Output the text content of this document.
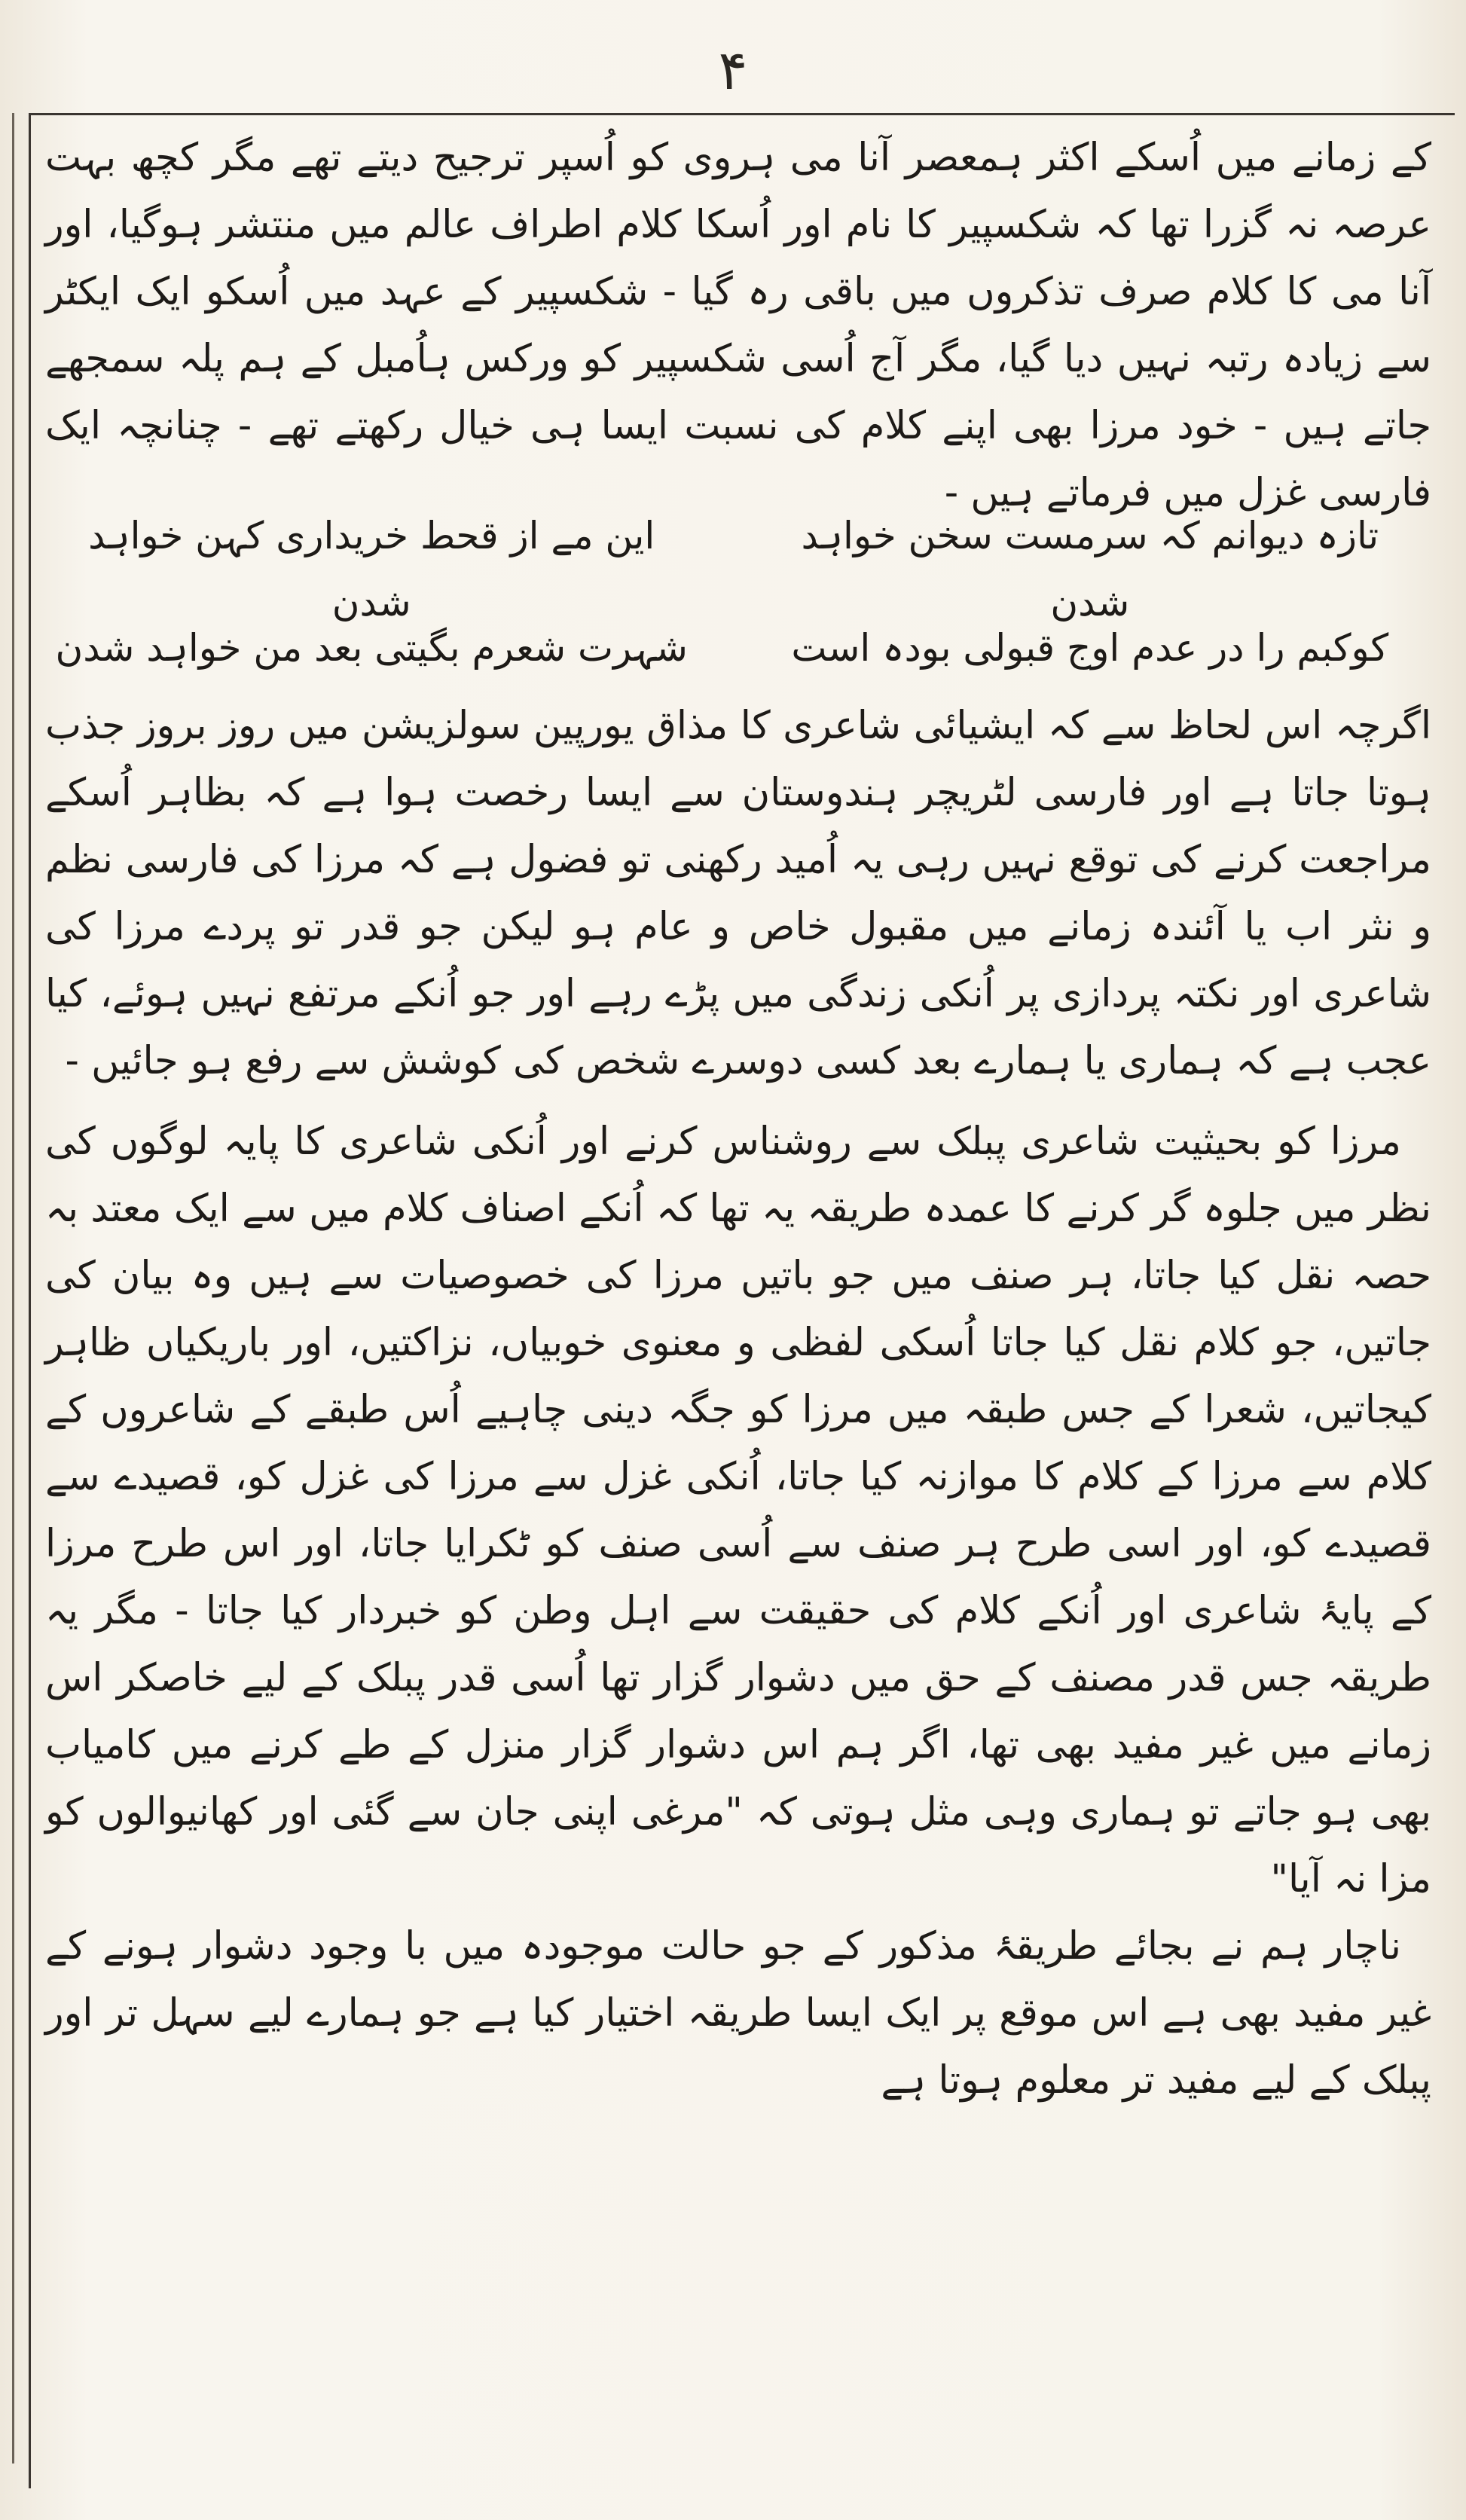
۴

کے زمانے میں اُسکے اکثر ہمعصر آنا می ہروی کو اُسپر ترجیح دیتے تھے مگر کچھ بہت عرصہ نہ گزرا تھا کہ شکسپیر کا نام اور اُسکا کلام اطراف عالم میں منتشر ہوگیا، اور آنا می کا کلام صرف تذکروں میں باقی رہ گیا - شکسپیر کے عہد میں اُسکو ایک ایکٹر سے زیادہ رتبہ نہیں دیا گیا، مگر آج اُسی شکسپیر کو ورکس ہاُمبل کے ہم پلہ سمجھے جاتے ہیں - خود مرزا بھی اپنے کلام کی نسبت ایسا ہی خیال رکھتے تھے - چنانچہ ایک فارسی غزل میں فرماتے ہیں -

تازہ دیوانم کہ سرمست سخن خواہد شدن
این مے از قحط خریداری کہن خواہد شدن
کوکبم را در عدم اوج قبولی بودہ است
شہرت شعرم بگیتی بعد من خواہد شدن

اگرچہ اس لحاظ سے کہ ایشیائی شاعری کا مذاق یورپین سولزیشن میں روز بروز جذب ہوتا جاتا ہے اور فارسی لٹریچر ہندوستان سے ایسا رخصت ہوا ہے کہ بظاہر اُسکے مراجعت کرنے کی توقع نہیں رہی یہ اُمید رکھنی تو فضول ہے کہ مرزا کی فارسی نظم و نثر اب یا آئندہ زمانے میں مقبول خاص و عام ہو لیکن جو قدر تو پردے مرزا کی شاعری اور نکتہ پردازی پر اُنکی زندگی میں پڑے رہے اور جو اُنکے مرتفع نہیں ہوئے، کیا عجب ہے کہ ہماری یا ہمارے بعد کسی دوسرے شخص کی کوشش سے رفع ہو جائیں -

مرزا کو بحیثیت شاعری پبلک سے روشناس کرنے اور اُنکی شاعری کا پایہ لوگوں کی نظر میں جلوہ گر کرنے کا عمدہ طریقہ یہ تھا کہ اُنکے اصناف کلام میں سے ایک معتد بہ حصہ نقل کیا جاتا، ہر صنف میں جو باتیں مرزا کی خصوصیات سے ہیں وہ بیان کی جاتیں، جو کلام نقل کیا جاتا اُسکی لفظی و معنوی خوبیاں، نزاکتیں، اور باریکیاں ظاہر کیجاتیں، شعرا کے جس طبقہ میں مرزا کو جگہ دینی چاہیے اُس طبقے کے شاعروں کے کلام سے مرزا کے کلام کا موازنہ کیا جاتا، اُنکی غزل سے مرزا کی غزل کو، قصیدے سے قصیدے کو، اور اسی طرح ہر صنف سے اُسی صنف کو ٹکرایا جاتا، اور اس طرح مرزا کے پایۂ شاعری اور اُنکے کلام کی حقیقت سے اہل وطن کو خبردار کیا جاتا - مگر یہ طریقہ جس قدر مصنف کے حق میں دشوار گزار تھا اُسی قدر پبلک کے لیے خاصکر اس زمانے میں غیر مفید بھی تھا، اگر ہم اس دشوار گزار منزل کے طے کرنے میں کامیاب بھی ہو جاتے تو ہماری وہی مثل ہوتی کہ "مرغی اپنی جان سے گئی اور کھانیوالوں کو مزا نہ آیا"

ناچار ہم نے بجائے طریقۂ مذکور کے جو حالت موجودہ میں با وجود دشوار ہونے کے غیر مفید بھی ہے اس موقع پر ایک ایسا طریقہ اختیار کیا ہے جو ہمارے لیے سہل تر اور پبلک کے لیے مفید تر معلوم ہوتا ہے
